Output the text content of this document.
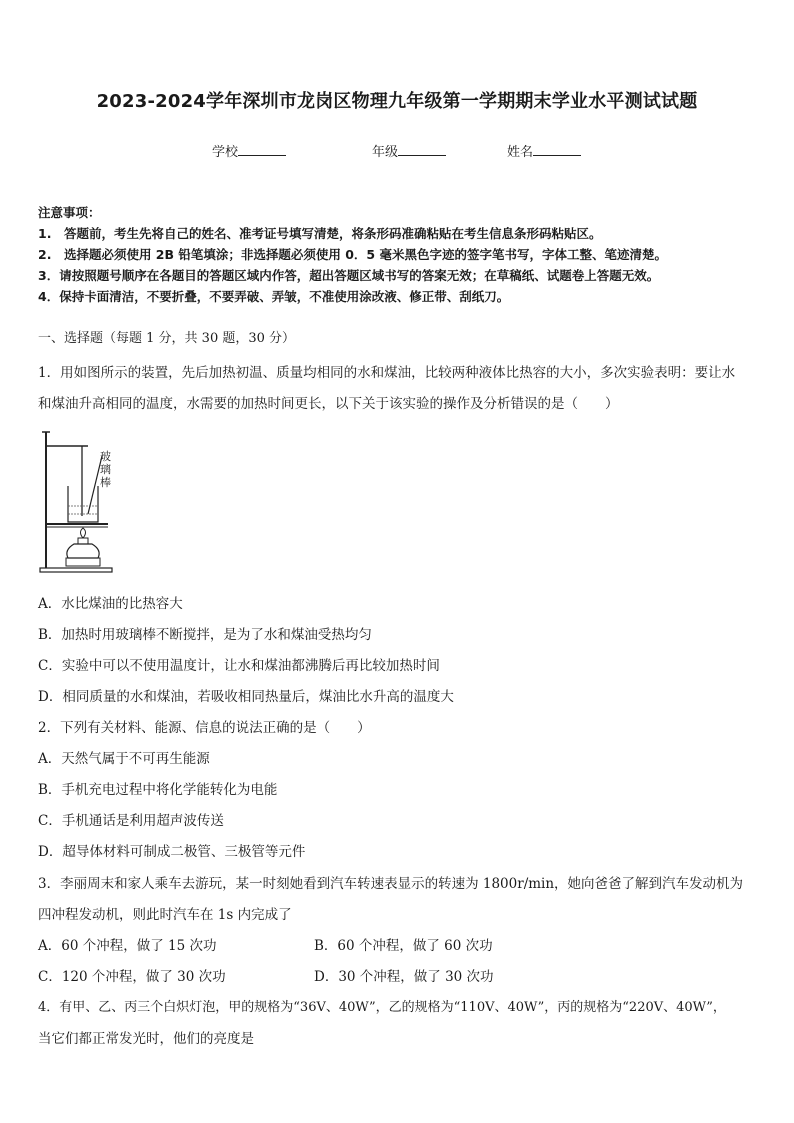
2023-2024学年深圳市龙岗区物理九年级第一学期期末学业水平测试试题
学校	年级	姓名
注意事项：
1.　答题前，考生先将自己的姓名、准考证号填写清楚，将条形码准确粘贴在考生信息条形码粘贴区。
2.　选择题必须使用 2B 铅笔填涂；非选择题必须使用 0．5 毫米黑色字迹的签字笔书写，字体工整、笔迹清楚。
3．请按照题号顺序在各题目的答题区域内作答，超出答题区域书写的答案无效；在草稿纸、试题卷上答题无效。
4．保持卡面清洁，不要折叠，不要弄破、弄皱，不准使用涂改液、修正带、刮纸刀。
一、选择题（每题 1 分，共 30 题，30 分）
1．用如图所示的装置，先后加热初温、质量均相同的水和煤油，比较两种液体比热容的大小，多次实验表明：要让水
和煤油升高相同的温度，水需要的加热时间更长，以下关于该实验的操作及分析错误的是（　　）
玻璃棒
A．水比煤油的比热容大
B．加热时用玻璃棒不断搅拌，是为了水和煤油受热均匀
C．实验中可以不使用温度计，让水和煤油都沸腾后再比较加热时间
D．相同质量的水和煤油，若吸收相同热量后，煤油比水升高的温度大
2．下列有关材料、能源、信息的说法正确的是（　　）
A．天然气属于不可再生能源
B．手机充电过程中将化学能转化为电能
C．手机通话是利用超声波传送
D．超导体材料可制成二极管、三极管等元件
3．李丽周末和家人乘车去游玩，某一时刻她看到汽车转速表显示的转速为 1800r/min，她向爸爸了解到汽车发动机为
四冲程发动机，则此时汽车在 1s 内完成了
A．60 个冲程，做了 15 次功	B．60 个冲程，做了 60 次功
C．120 个冲程，做了 30 次功	D．30 个冲程，做了 30 次功
4．有甲、乙、丙三个白炽灯泡，甲的规格为“36V、40W”，乙的规格为“110V、40W”，丙的规格为“220V、40W”，
当它们都正常发光时，他们的亮度是
